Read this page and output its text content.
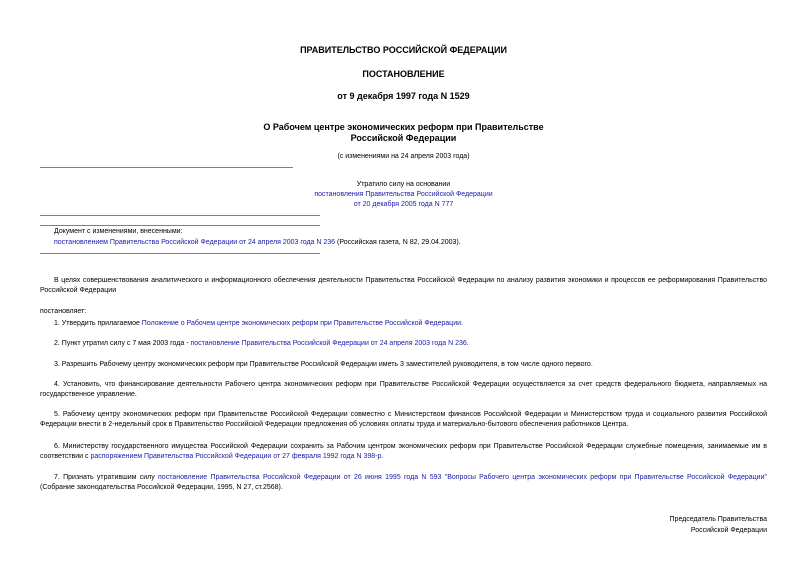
ПРАВИТЕЛЬСТВО РОССИЙСКОЙ ФЕДЕРАЦИИ
ПОСТАНОВЛЕНИЕ
от 9 декабря 1997 года N 1529
О Рабочем центре экономических реформ при Правительстве
Российской Федерации
(с изменениями на 24 апреля 2003 года)
Утратило силу на основании
постановления Правительства Российской Федерации
от 20 декабря 2005 года N 777
Документ с изменениями, внесенными:
постановлением Правительства Российской Федерации от 24 апреля 2003 года N 236 (Российская газета, N 82, 29.04.2003).
В целях совершенствования аналитического и информационного обеспечения деятельности Правительства Российской Федерации по анализу развития экономики и процессов ее реформирования Правительство Российской Федерации
постановляет:
1. Утвердить прилагаемое Положение о Рабочем центре экономических реформ при Правительстве Российской Федерации.
2. Пункт утратил силу с 7 мая 2003 года - постановление Правительства Российской Федерации от 24 апреля 2003 года N 236.
3. Разрешить Рабочему центру экономических реформ при Правительстве Российской Федерации иметь 3 заместителей руководителя, в том числе одного первого.
4. Установить, что финансирование деятельности Рабочего центра экономических реформ при Правительстве Российской Федерации осуществляется за счет средств федерального бюджета, направляемых на государственное управление.
5. Рабочему центру экономических реформ при Правительстве Российской Федерации совместно с Министерством финансов Российской Федерации и Министерством труда и социального развития Российской Федерации внести в 2-недельный срок в Правительство Российской Федерации предложения об условиях оплаты труда и материально-бытового обеспечения работников Центра.
6. Министерству государственного имущества Российской Федерации сохранить за Рабочим центром экономических реформ при Правительстве Российской Федерации служебные помещения, занимаемые им в соответствии с распоряжением Правительства Российской Федерации от 27 февраля 1992 года N 398-р.
7. Признать утратившим силу постановление Правительства Российской Федерации от 26 июня 1995 года N 593 "Вопросы Рабочего центра экономических реформ при Правительстве Российской Федерации" (Собрание законодательства Российской Федерации, 1995, N 27, ст.2568).
Председатель Правительства
Российской Федерации
